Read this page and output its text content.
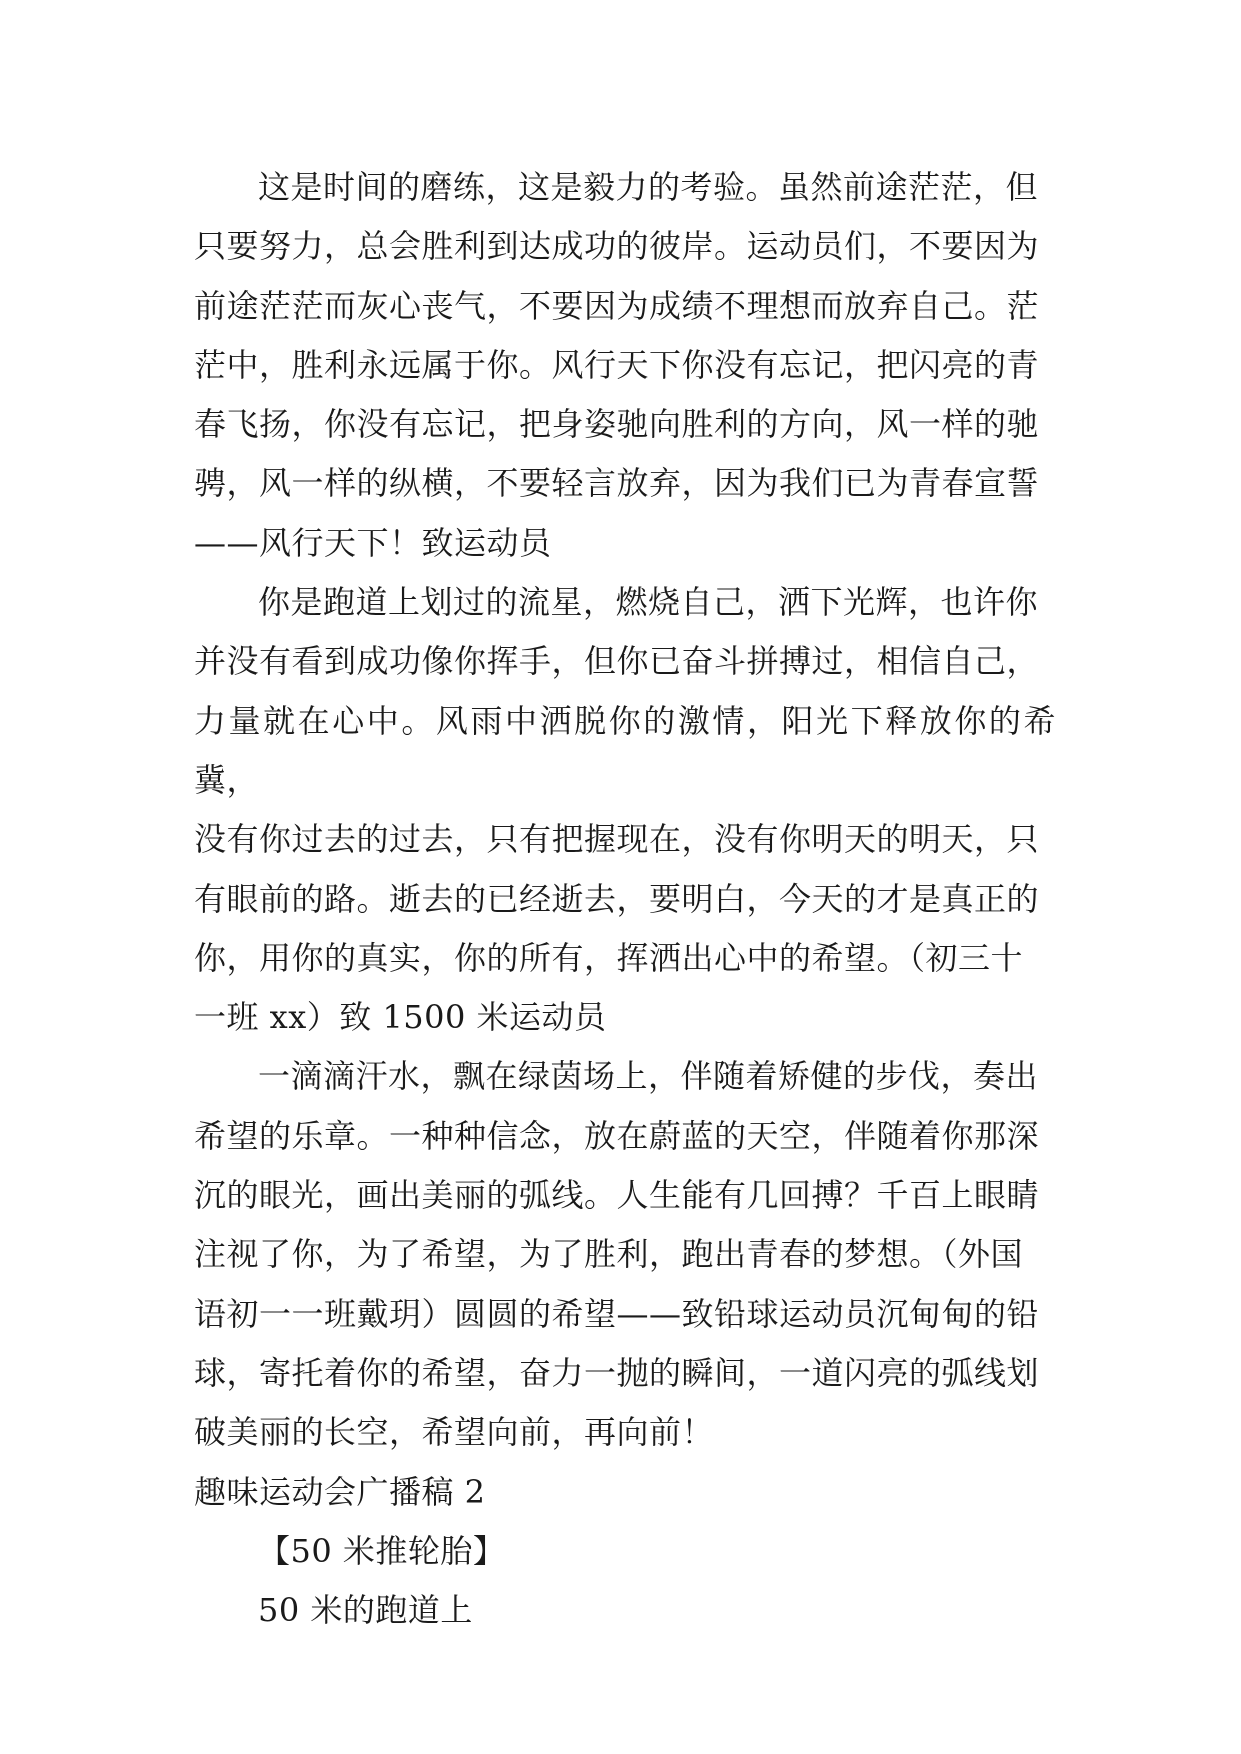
这是时间的磨练，这是毅力的考验。虽然前途茫茫，但
只要努力，总会胜利到达成功的彼岸。运动员们，不要因为
前途茫茫而灰心丧气，不要因为成绩不理想而放弃自己。茫
茫中，胜利永远属于你。风行天下你没有忘记，把闪亮的青
春飞扬，你没有忘记，把身姿驰向胜利的方向，风一样的驰
骋，风一样的纵横，不要轻言放弃，因为我们已为青春宣誓
——风行天下！致运动员

你是跑道上划过的流星，燃烧自己，洒下光辉，也许你
并没有看到成功像你挥手，但你已奋斗拼搏过，相信自己，
力量就在心中。风雨中洒脱你的激情，阳光下释放你的希冀，
没有你过去的过去，只有把握现在，没有你明天的明天，只
有眼前的路。逝去的已经逝去，要明白，今天的才是真正的
你，用你的真实，你的所有，挥洒出心中的希望。（初三十
一班 xx）致 1500 米运动员

一滴滴汗水，飘在绿茵场上，伴随着矫健的步伐，奏出
希望的乐章。一种种信念，放在蔚蓝的天空，伴随着你那深
沉的眼光，画出美丽的弧线。人生能有几回搏？千百上眼睛
注视了你，为了希望，为了胜利，跑出青春的梦想。（外国
语初一一班戴玥）圆圆的希望——致铅球运动员沉甸甸的铅
球，寄托着你的希望，奋力一抛的瞬间，一道闪亮的弧线划
破美丽的长空，希望向前，再向前！

趣味运动会广播稿 2

【50 米推轮胎】

50 米的跑道上
